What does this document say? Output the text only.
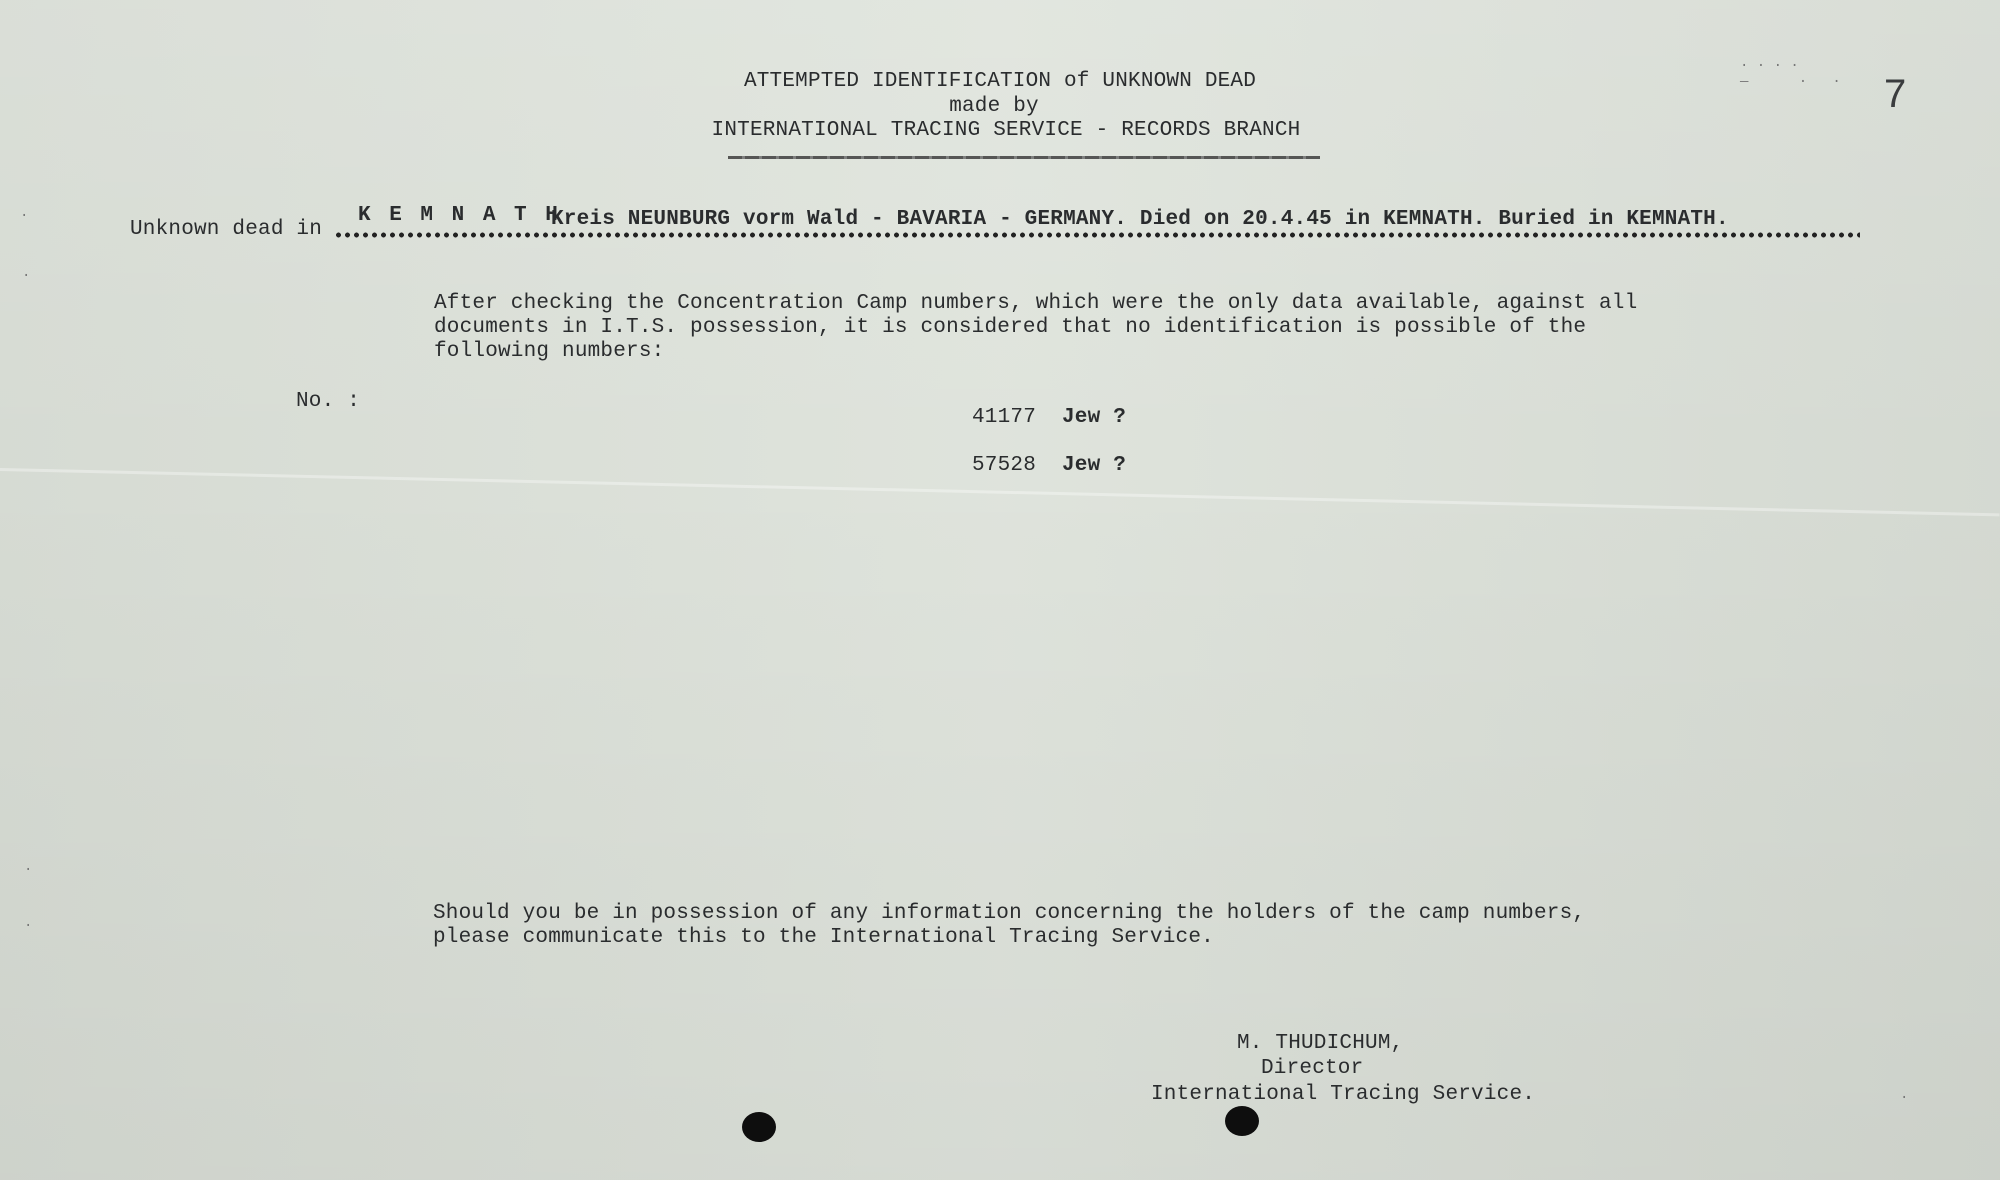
ATTEMPTED IDENTIFICATION of UNKNOWN DEAD
made by
INTERNATIONAL TRACING SERVICE - RECORDS BRANCH
7
· · · ·
—      ·   ·
Unknown dead in
K E M N A T H
Kreis NEUNBURG vorm Wald - BAVARIA - GERMANY. Died on 20.4.45 in KEMNATH. Buried in KEMNATH.
After checking the Concentration Camp numbers, which were the only data available, against all
documents in I.T.S. possession, it is considered that no identification is possible of the
following numbers:
No. :
41177 Jew ?
57528 Jew ?
Should you be in possession of any information concerning the holders of the camp numbers,
please communicate this to the International Tracing Service.
M. THUDICHUM,
Director
International Tracing Service.
·
·
·
·
·
